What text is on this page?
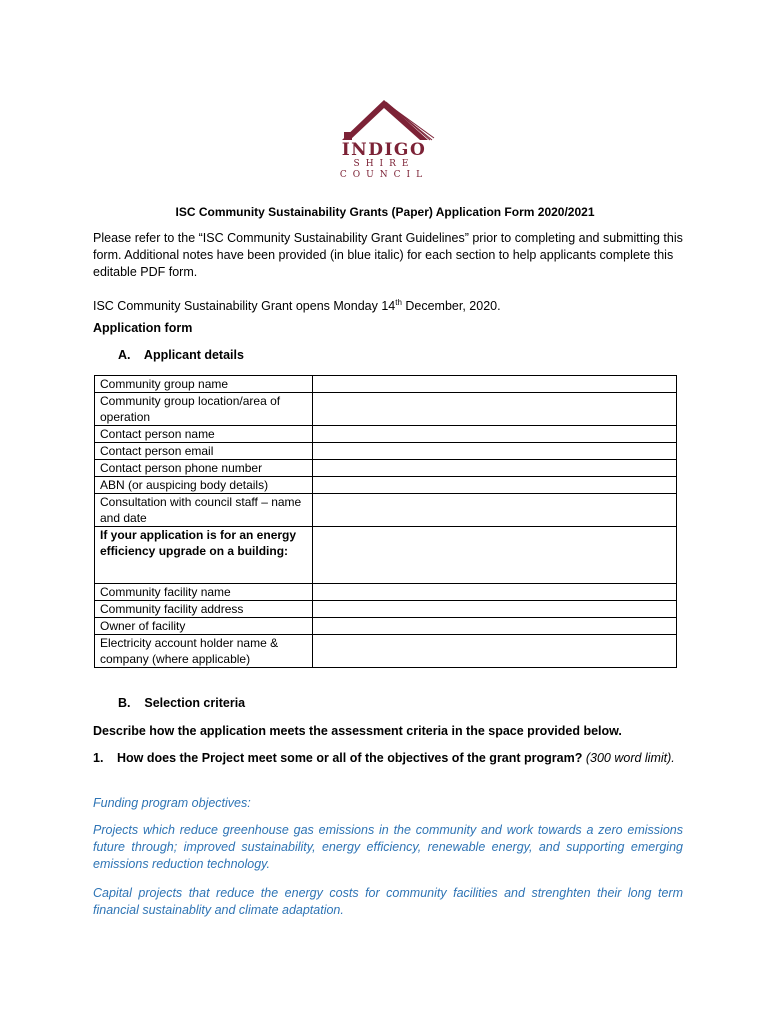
INDIGO
SHIRE
COUNCIL
ISC Community Sustainability Grants (Paper) Application Form 2020/2021
Please refer to the “ISC Community Sustainability Grant Guidelines” prior to completing and submitting this form. Additional notes have been provided (in blue italic) for each section to help applicants complete this editable PDF form.
ISC Community Sustainability Grant opens Monday 14th December, 2020.
Application form
A.    Applicant details
Community group name	
Community group location/area of operation	
Contact person name	
Contact person email	
Contact person phone number	
ABN (or auspicing body details)	
Consultation with council staff – name and date	
If your application is for an energy efficiency upgrade on a building:	
Community facility name	
Community facility address	
Owner of facility	
Electricity account holder name & company (where applicable)	
B.    Selection criteria
Describe how the application meets the assessment criteria in the space provided below.
1. How does the Project meet some or all of the objectives of the grant program? (300 word limit).
Funding program objectives:
Projects which reduce greenhouse gas emissions in the community and work towards a zero emissions future through; improved sustainability, energy efficiency, renewable energy, and supporting emerging emissions reduction technology.
Capital projects that reduce the energy costs for community facilities and strenghten their long term financial sustainablity and climate adaptation.
